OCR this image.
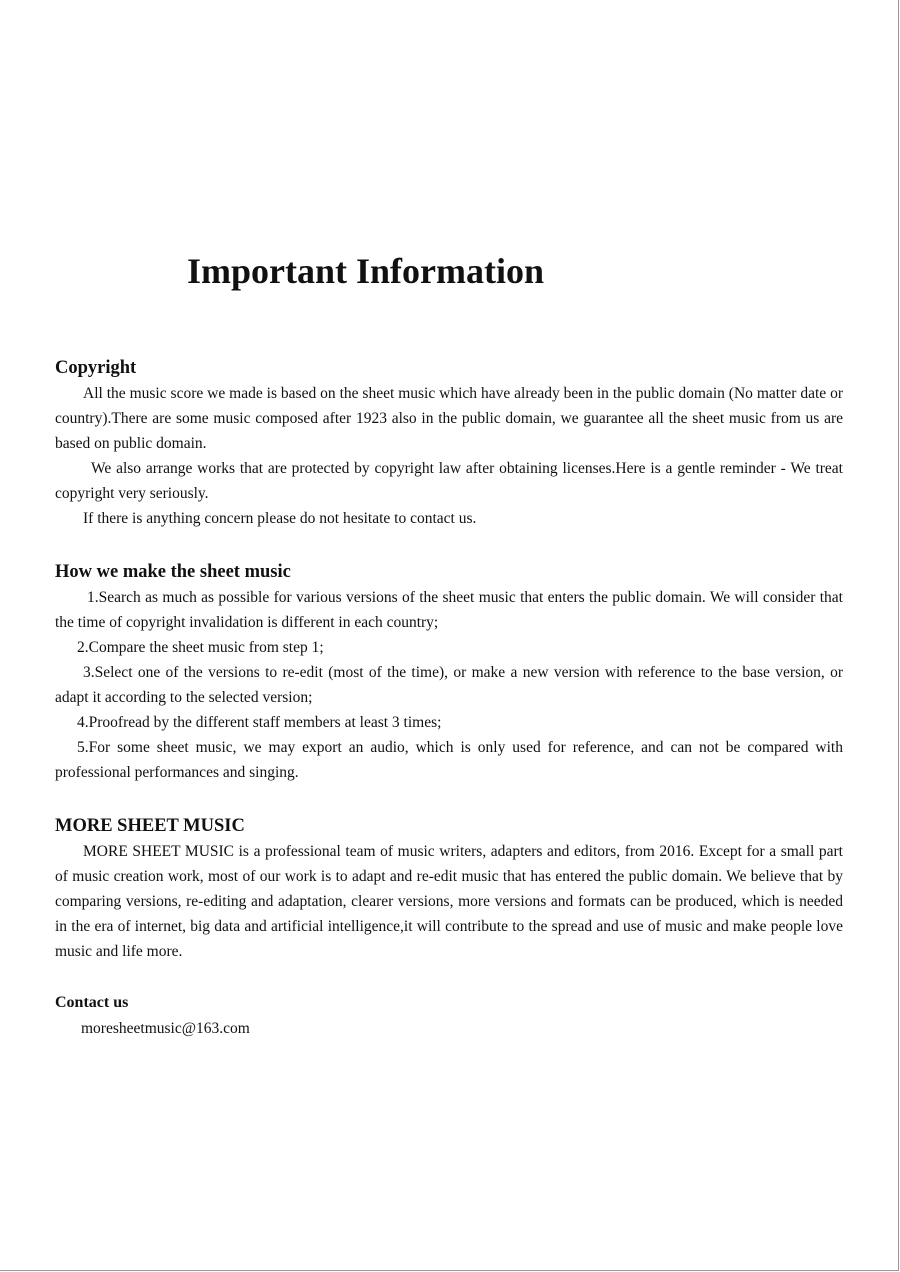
Important Information
Copyright

All the music score we made is based on the sheet music which have already been in the public domain (No matter date or country).There are some music composed after 1923 also in the public domain, we guarantee all the sheet music from us are based on public domain.

We also arrange works that are protected by copyright law after obtaining licenses.Here is a gentle reminder - We treat copyright very seriously.

If there is anything concern please do not hesitate to contact us.

How we make the sheet music

1.Search as much as possible for various versions of the sheet music that enters the public domain. We will consider that the time of copyright invalidation is different in each country;

2.Compare the sheet music from step 1;

3.Select one of the versions to re-edit (most of the time), or make a new version with reference to the base version, or adapt it according to the selected version;

4.Proofread by the different staff members at least 3 times;

5.For some sheet music, we may export an audio, which is only used for reference, and can not be compared with professional performances and singing.

MORE SHEET MUSIC

MORE SHEET MUSIC is a professional team of music writers, adapters and editors, from 2016. Except for a small part of music creation work, most of our work is to adapt and re-edit music that has entered the public domain. We believe that by comparing versions, re-editing and adaptation, clearer versions, more versions and formats can be produced, which is needed in the era of internet, big data and artificial intelligence,it will contribute to the spread and use of music and make people love music and life more.

Contact us

moresheetmusic@163.com
